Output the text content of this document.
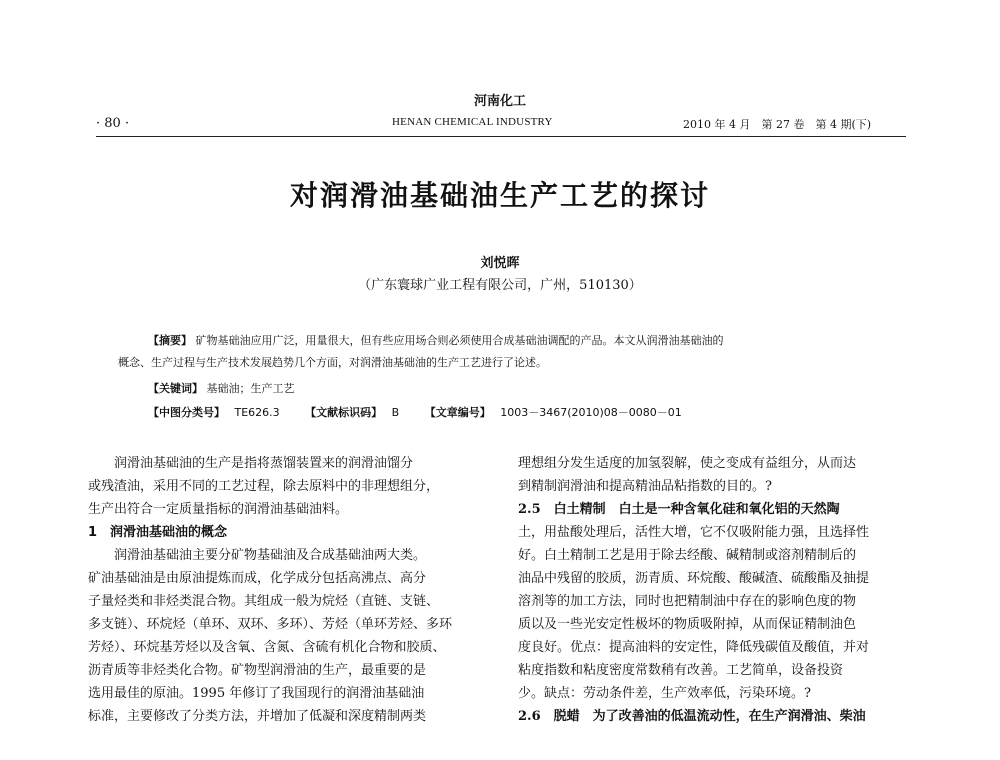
河南化工
· 80 ·	HENAN CHEMICAL INDUSTRY	2010 年 4 月　第 27 卷　第 4 期(下)
对润滑油基础油生产工艺的探讨
刘悦晖
（广东寰球广业工程有限公司，广州，510130）
【摘要】 矿物基础油应用广泛，用量很大，但有些应用场合则必须使用合成基础油调配的产品。本文从润滑油基础油的
概念、生产过程与生产技术发展趋势几个方面，对润滑油基础油的生产工艺进行了论述。
【关键词】 基础油；生产工艺
【中图分类号】 TE626.3 【文献标识码】 B 【文章编号】 1003－3467(2010)08－0080－01
　　润滑油基础油的生产是指将蒸馏装置来的润滑油馏分
或残渣油，采用不同的工艺过程，除去原料中的非理想组分，
生产出符合一定质量指标的润滑油基础油料。
1　润滑油基础油的概念
　　润滑油基础油主要分矿物基础油及合成基础油两大类。
矿油基础油是由原油提炼而成，化学成分包括高沸点、高分
子量烃类和非烃类混合物。其组成一般为烷烃（直链、支链、
多支链）、环烷烃（单环、双环、多环）、芳烃（单环芳烃、多环
芳烃）、环烷基芳烃以及含氧、含氮、含硫有机化合物和胶质、
沥青质等非烃类化合物。矿物型润滑油的生产，最重要的是
选用最佳的原油。1995 年修订了我国现行的润滑油基础油
标准，主要修改了分类方法，并增加了低凝和深度精制两类
理想组分发生适度的加氢裂解，使之变成有益组分，从而达
到精制润滑油和提高精油品粘指数的目的。?
2.5　白土精制　白土是一种含氧化硅和氧化铝的天然陶
土，用盐酸处理后，活性大增，它不仅吸附能力强，且选择性
好。白土精制工艺是用于除去经酸、碱精制或溶剂精制后的
油品中残留的胶质，沥青质、环烷酸、酸碱渣、硫酸酯及抽提
溶剂等的加工方法，同时也把精制油中存在的影响色度的物
质以及一些光安定性极坏的物质吸附掉，从而保证精制油色
度良好。优点：提高油料的安定性，降低残碳值及酸值，并对
粘度指数和粘度密度常数稍有改善。工艺简单，设备投资
少。缺点：劳动条件差，生产效率低，污染环境。?
2.6　脱蜡　为了改善油的低温流动性，在生产润滑油、柴油
